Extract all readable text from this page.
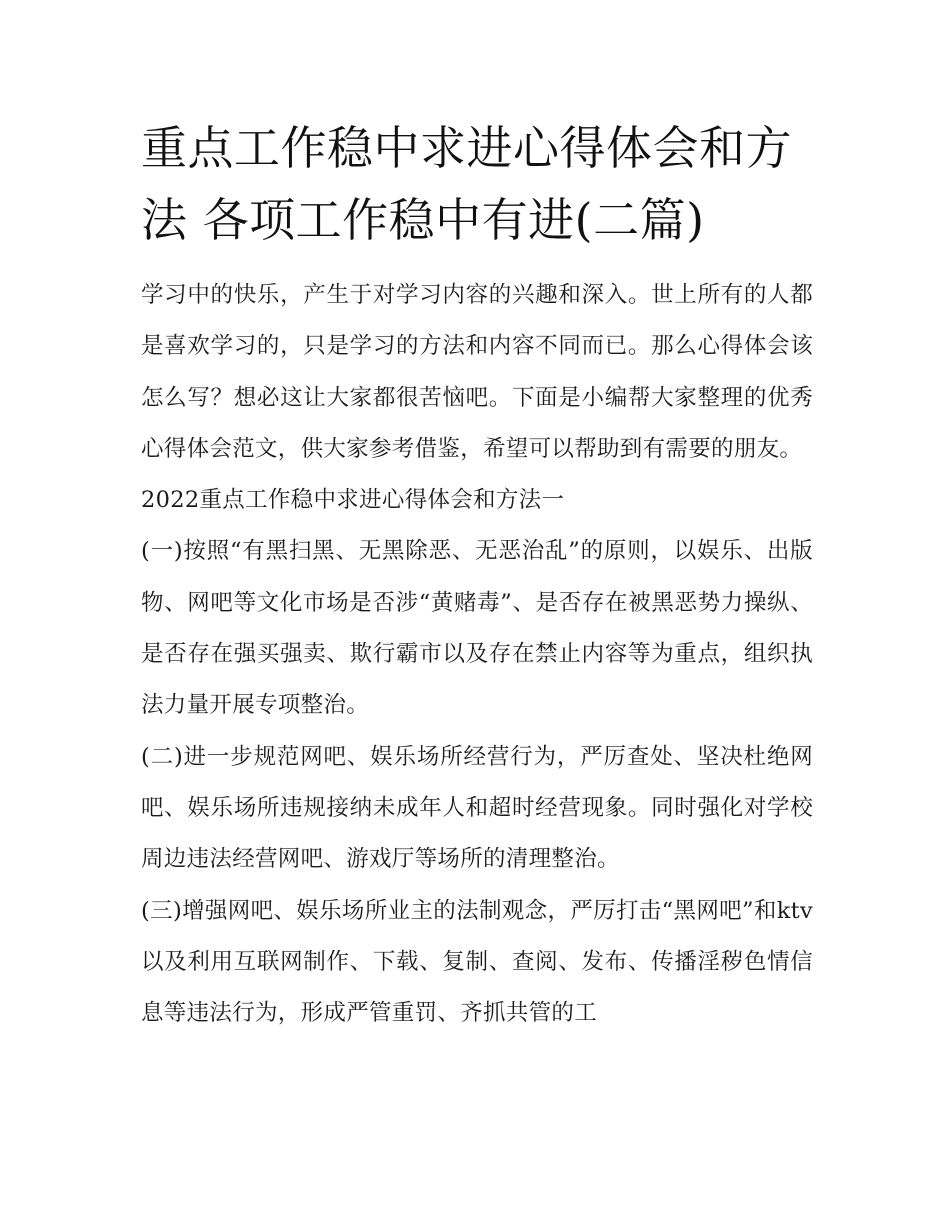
重点工作稳中求进心得体会和方法 各项工作稳中有进(二篇)

学习中的快乐，产生于对学习内容的兴趣和深入。世上所有的人都是喜欢学习的，只是学习的方法和内容不同而已。那么心得体会该怎么写？想必这让大家都很苦恼吧。下面是小编帮大家整理的优秀心得体会范文，供大家参考借鉴，希望可以帮助到有需要的朋友。

2022重点工作稳中求进心得体会和方法一

(一)按照“有黑扫黑、无黑除恶、无恶治乱”的原则，以娱乐、出版物、网吧等文化市场是否涉“黄赌毒”、是否存在被黑恶势力操纵、是否存在强买强卖、欺行霸市以及存在禁止内容等为重点，组织执法力量开展专项整治。

(二)进一步规范网吧、娱乐场所经营行为，严厉查处、坚决杜绝网吧、娱乐场所违规接纳未成年人和超时经营现象。同时强化对学校周边违法经营网吧、游戏厅等场所的清理整治。

(三)增强网吧、娱乐场所业主的法制观念，严厉打击“黑网吧”和ktv以及利用互联网制作、下载、复制、查阅、发布、传播淫秽色情信息等违法行为，形成严管重罚、齐抓共管的工
